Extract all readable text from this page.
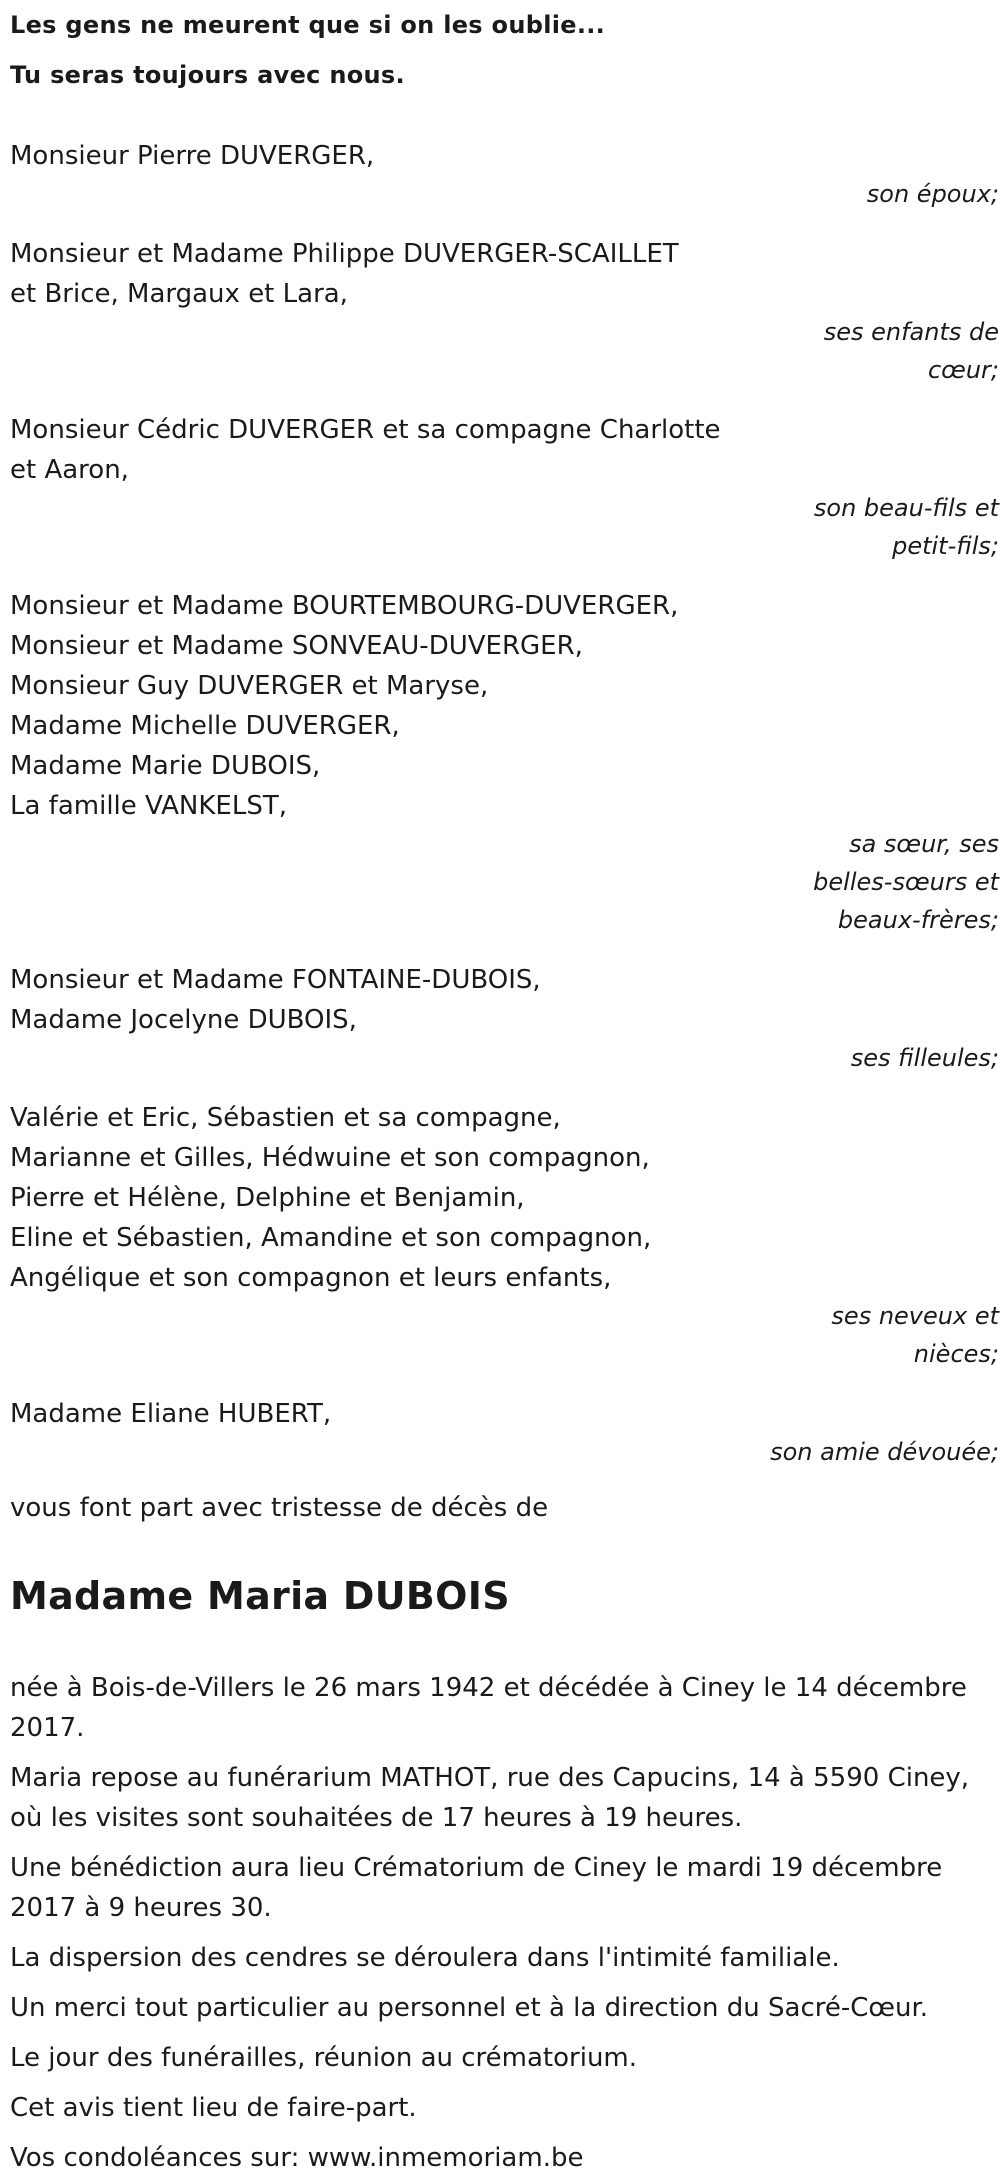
Les gens ne meurent que si on les oublie...
Tu seras toujours avec nous.
Monsieur Pierre DUVERGER,
son époux;
Monsieur et Madame Philippe DUVERGER-SCAILLET
et Brice, Margaux et Lara,
ses enfants de
cœur;
Monsieur Cédric DUVERGER et sa compagne Charlotte
et Aaron,
son beau-fils et
petit-fils;
Monsieur et Madame BOURTEMBOURG-DUVERGER,
Monsieur et Madame SONVEAU-DUVERGER,
Monsieur Guy DUVERGER et Maryse,
Madame Michelle DUVERGER,
Madame Marie DUBOIS,
La famille VANKELST,
sa sœur, ses
belles-sœurs et
beaux-frères;
Monsieur et Madame FONTAINE-DUBOIS,
Madame Jocelyne DUBOIS,
ses filleules;
Valérie et Eric, Sébastien et sa compagne,
Marianne et Gilles, Hédwuine et son compagnon,
Pierre et Hélène, Delphine et Benjamin,
Eline et Sébastien, Amandine et son compagnon,
Angélique et son compagnon et leurs enfants,
ses neveux et
nièces;
Madame Eliane HUBERT,
son amie dévouée;
vous font part avec tristesse de décès de
Madame Maria DUBOIS

née à Bois-de-Villers le 26 mars 1942 et décédée à Ciney le 14 décembre 2017.

Maria repose au funérarium MATHOT, rue des Capucins, 14 à 5590 Ciney, où les visites sont souhaitées de 17 heures à 19 heures.

Une bénédiction aura lieu Crématorium de Ciney le mardi 19 décembre 2017 à 9 heures 30.

La dispersion des cendres se déroulera dans l'intimité familiale.

Un merci tout particulier au personnel et à la direction du Sacré-Cœur.

Le jour des funérailles, réunion au crématorium.

Cet avis tient lieu de faire-part.

Vos condoléances sur: www.inmemoriam.be
